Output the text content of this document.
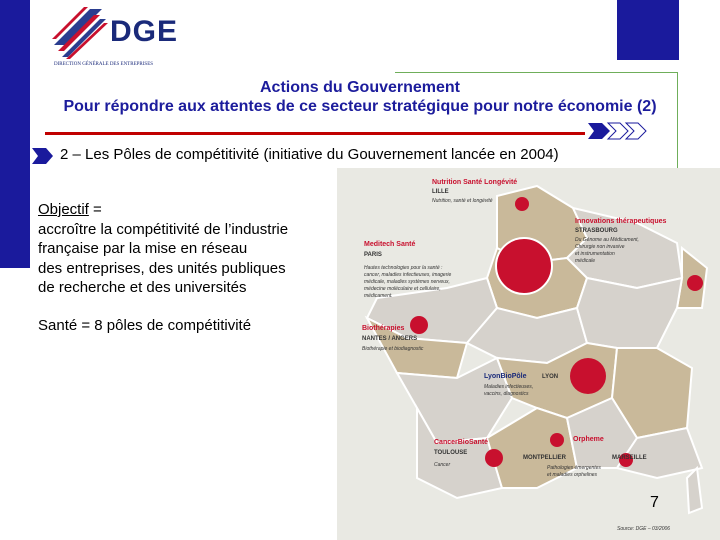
DGE
DIRECTION GÉNÉRALE DES ENTREPRISES
Actions du Gouvernement
Pour répondre aux attentes de ce secteur stratégique pour notre économie (2)
2 – Les Pôles de compétitivité (initiative du Gouvernement lancée en 2004)
Objectif =
accroître la compétitivité de l’industrie
française par la mise en réseau
des entreprises, des unités publiques
de recherche et des universités
Santé = 8 pôles de compétitivité
Nutrition Santé Longévité
LILLE
Nutrition, santé et longévité
Innovations thérapeutiques
STRASBOURG
Du Génome au Médicament,
Chirurgie non invasive
et instrumentation
médicale
Meditech Santé
PARIS
Hautes technologies pour la santé :
cancer, maladies infectieuses, imagerie
médicale, maladies systèmes nerveux,
médecine moléculaire et cellulaire,
médicament.
Biothérapies
NANTES / ANGERS
Biothérapie et biodiagnostic
LyonBioPôle	LYON
Maladies infectieuses,
vaccins, diagnostics
CancerBioSanté
TOULOUSE
Cancer
Orpheme
MONTPELLIER	MARSEILLE
Pathologies émergentes
et maladies orphelines
Source: DGE – 03/2006
7
